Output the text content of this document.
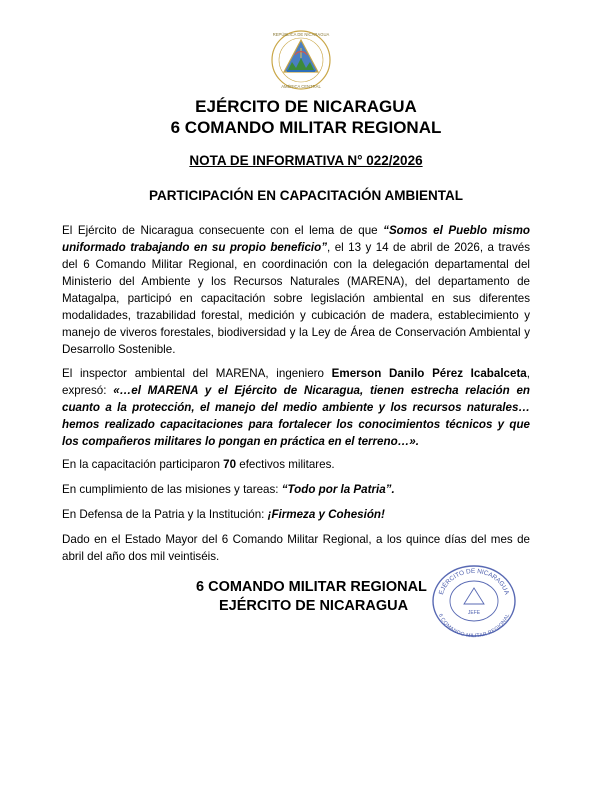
REPÚBLICA DE NICARAGUA
AMÉRICA CENTRAL
EJÉRCITO DE NICARAGUA
6 COMANDO MILITAR REGIONAL
NOTA DE INFORMATIVA N° 022/2026
PARTICIPACIÓN EN CAPACITACIÓN AMBIENTAL

El Ejército de Nicaragua consecuente con el lema de que “Somos el Pueblo mismo uniformado trabajando en su propio beneficio”, el 13 y 14 de abril de 2026, a través del 6 Comando Militar Regional, en coordinación con la delegación departamental del Ministerio del Ambiente y los Recursos Naturales (MARENA), del departamento de Matagalpa, participó en capacitación sobre legislación ambiental en sus diferentes modalidades, trazabilidad forestal, medición y cubicación de madera, establecimiento y manejo de viveros forestales, biodiversidad y la Ley de Área de Conservación Ambiental y Desarrollo Sostenible.

El inspector ambiental del MARENA, ingeniero Emerson Danilo Pérez Icabalceta, expresó: «…el MARENA y el Ejército de Nicaragua, tienen estrecha relación en cuanto a la protección, el manejo del medio ambiente y los recursos naturales…hemos realizado capacitaciones para fortalecer los conocimientos técnicos y que los compañeros militares lo pongan en práctica en el terreno…».

En la capacitación participaron 70 efectivos militares.

En cumplimiento de las misiones y tareas: “Todo por la Patria”.

En Defensa de la Patria y la Institución: ¡Firmeza y Cohesión!

Dado en el Estado Mayor del 6 Comando Militar Regional, a los quince días del mes de abril del año dos mil veintiséis.

6 COMANDO MILITAR REGIONAL
EJÉRCITO DE NICARAGUA
EJÉRCITO DE NICARAGUA
6 COMANDO MILITAR REGIONAL
JEFE
